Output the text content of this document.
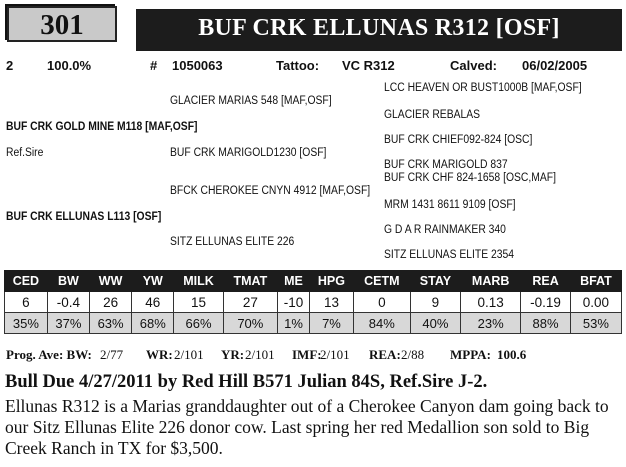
301	BUF CRK ELLUNAS R312 [OSF]
2	100.0%	# 1050063	Tattoo: VC R312	Calved: 06/02/2005
LCC HEAVEN OR BUST1000B [MAF,OSF]
GLACIER MARIAS 548 [MAF,OSF]
GLACIER REBALAS
BUF CRK GOLD MINE M118 [MAF,OSF]
BUF CRK CHIEF092-824 [OSC]
Ref.Sire	BUF CRK MARIGOLD1230 [OSF]
BUF CRK MARIGOLD 837
BUF CRK CHF 824-1658 [OSC,MAF]
BFCK CHEROKEE CNYN 4912 [MAF,OSF]
MRM 1431 8611 9109 [OSF]
BUF CRK ELLUNAS L113 [OSF]
G D A R RAINMAKER 340
SITZ ELLUNAS ELITE 226
SITZ ELLUNAS ELITE 2354
CED	BW	WW	YW	MILK	TMAT	ME	HPG	CETM	STAY	MARB	REA	BFAT
6	-0.4	26	46	15	27	-10	13	0	9	0.13	-0.19	0.00
35%	37%	63%	68%	66%	70%	1%	7%	84%	40%	23%	88%	53%
Prog. Ave: BW: 2/77 WR: 2/101 YR: 2/101 IMF:
2/101 REA: 2/88 MPPA: 100.6
Bull Due 4/27/2011 by Red Hill B571 Julian 84S, Ref.Sire J-2.
Ellunas R312 is a Marias granddaughter out of a Cherokee Canyon dam going back to our Sitz Ellunas Elite 226 donor cow. Last spring her red Medallion son sold to Big Creek Ranch in TX for $3,500.
